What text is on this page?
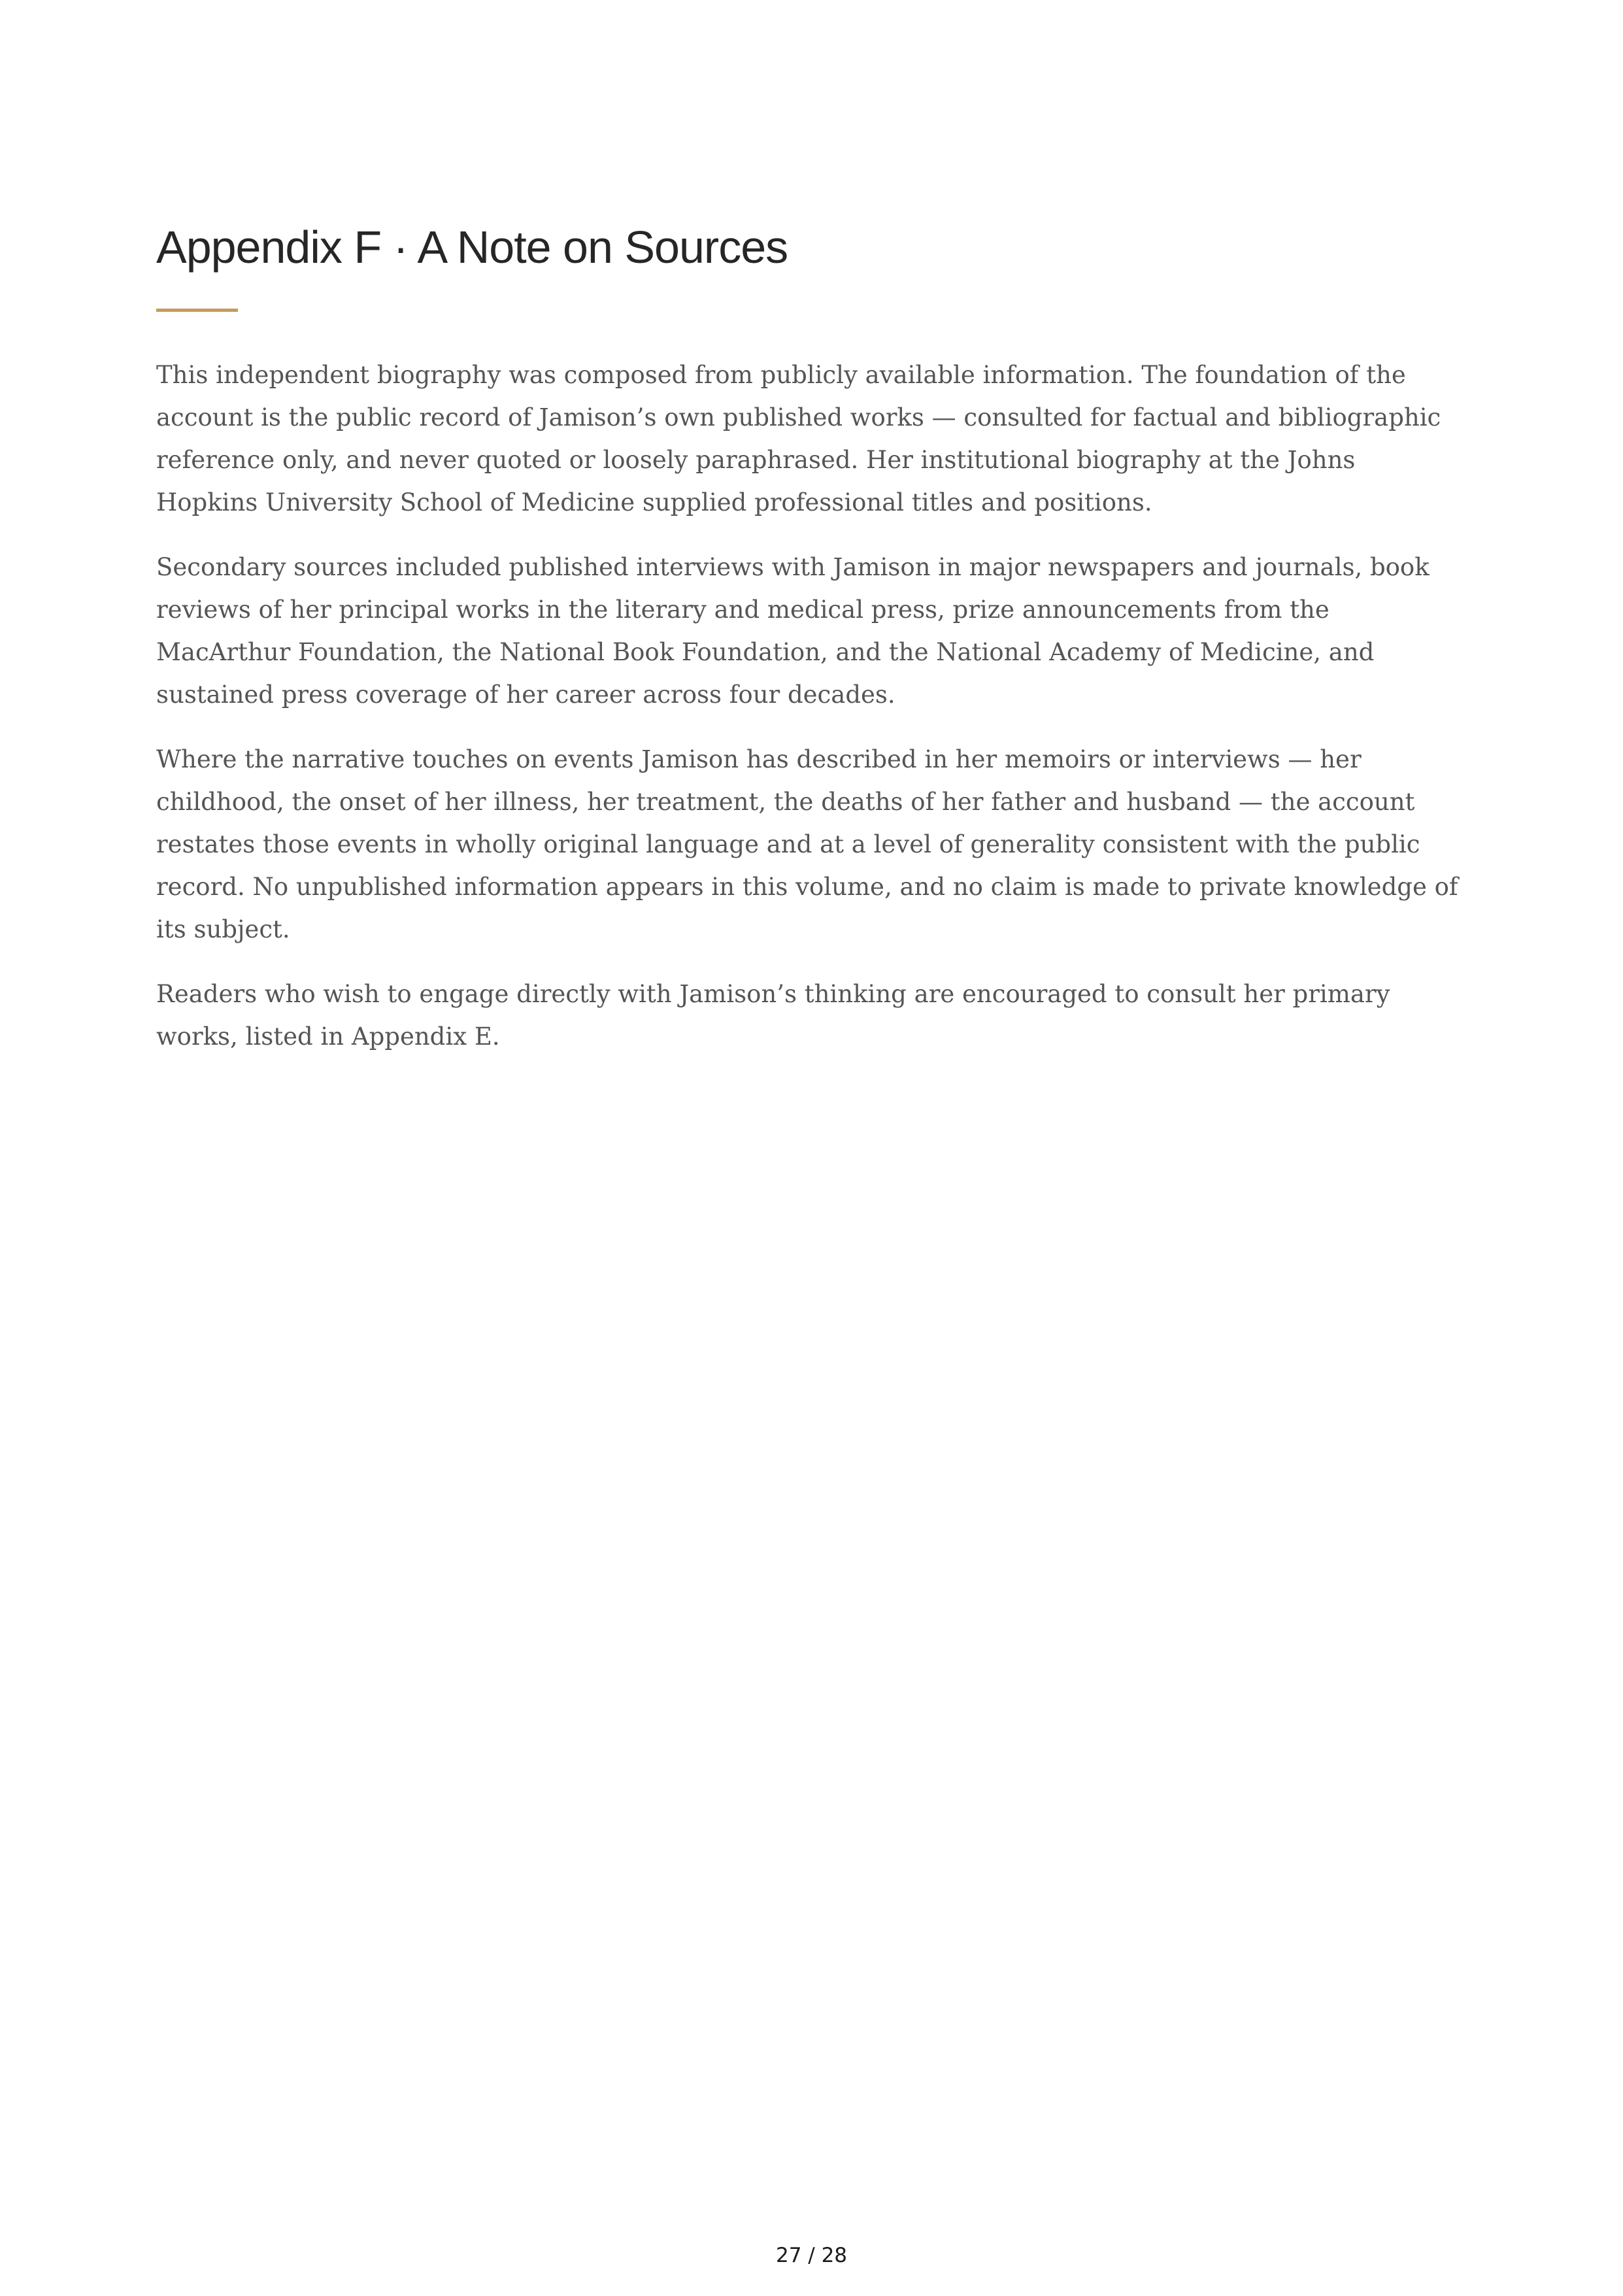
Appendix F · A Note on Sources

This independent biography was composed from publicly available information. The foundation of the account is the public record of Jamison’s own published works — consulted for factual and bibliographic reference only, and never quoted or loosely paraphrased. Her institutional biography at the Johns Hopkins University School of Medicine supplied professional titles and positions.

Secondary sources included published interviews with Jamison in major newspapers and journals, book reviews of her principal works in the literary and medical press, prize announcements from the MacArthur Foundation, the National Book Foundation, and the National Academy of Medicine, and sustained press coverage of her career across four decades.

Where the narrative touches on events Jamison has described in her memoirs or interviews — her childhood, the onset of her illness, her treatment, the deaths of her father and husband — the account restates those events in wholly original language and at a level of generality consistent with the public record. No unpublished information appears in this volume, and no claim is made to private knowledge of its subject.

Readers who wish to engage directly with Jamison’s thinking are encouraged to consult her primary works, listed in Appendix E.

27 / 28
